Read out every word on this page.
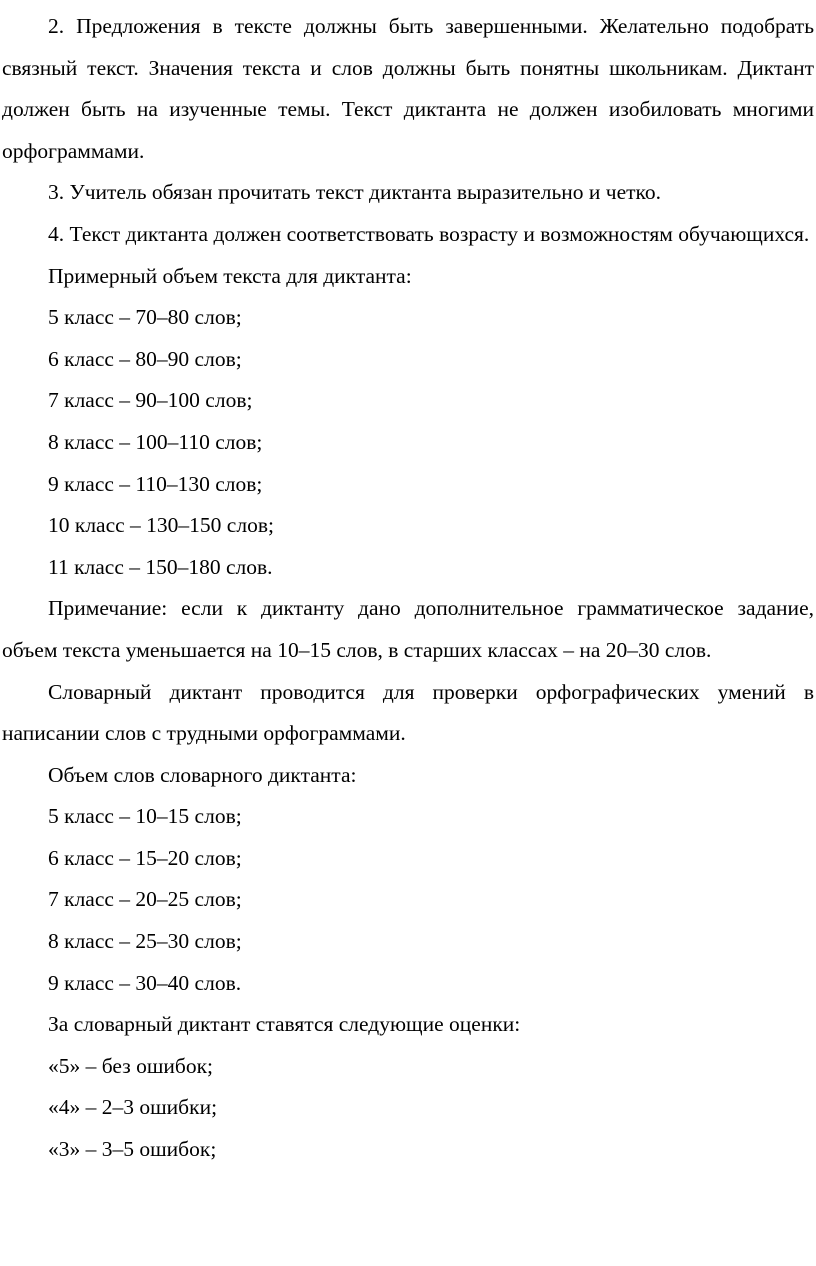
2. Предложения в тексте должны быть завершенными. Желательно подобрать связный текст. Значения текста и слов должны быть понятны школьникам. Диктант должен быть на изученные темы. Текст диктанта не должен изобиловать многими орфограммами.

3. Учитель обязан прочитать текст диктанта выразительно и четко.

4. Текст диктанта должен соответствовать возрасту и возможностям обучающихся.

Примерный объем текста для диктанта:

5 класс – 70–80 слов;

6 класс – 80–90 слов;

7 класс – 90–100 слов;

8 класс – 100–110 слов;

9 класс – 110–130 слов;

10 класс – 130–150 слов;

11 класс – 150–180 слов.

Примечание: если к диктанту дано дополнительное грамматическое задание, объем текста уменьшается на 10–15 слов, в старших классах – на 20–30 слов.

Словарный диктант проводится для проверки орфографических умений в написании слов с трудными орфограммами.

Объем слов словарного диктанта:

5 класс – 10–15 слов;

6 класс – 15–20 слов;

7 класс – 20–25 слов;

8 класс – 25–30 слов;

9 класс – 30–40 слов.

За словарный диктант ставятся следующие оценки:

«5» – без ошибок;

«4» – 2–3 ошибки;

«3» – 3–5 ошибок;
